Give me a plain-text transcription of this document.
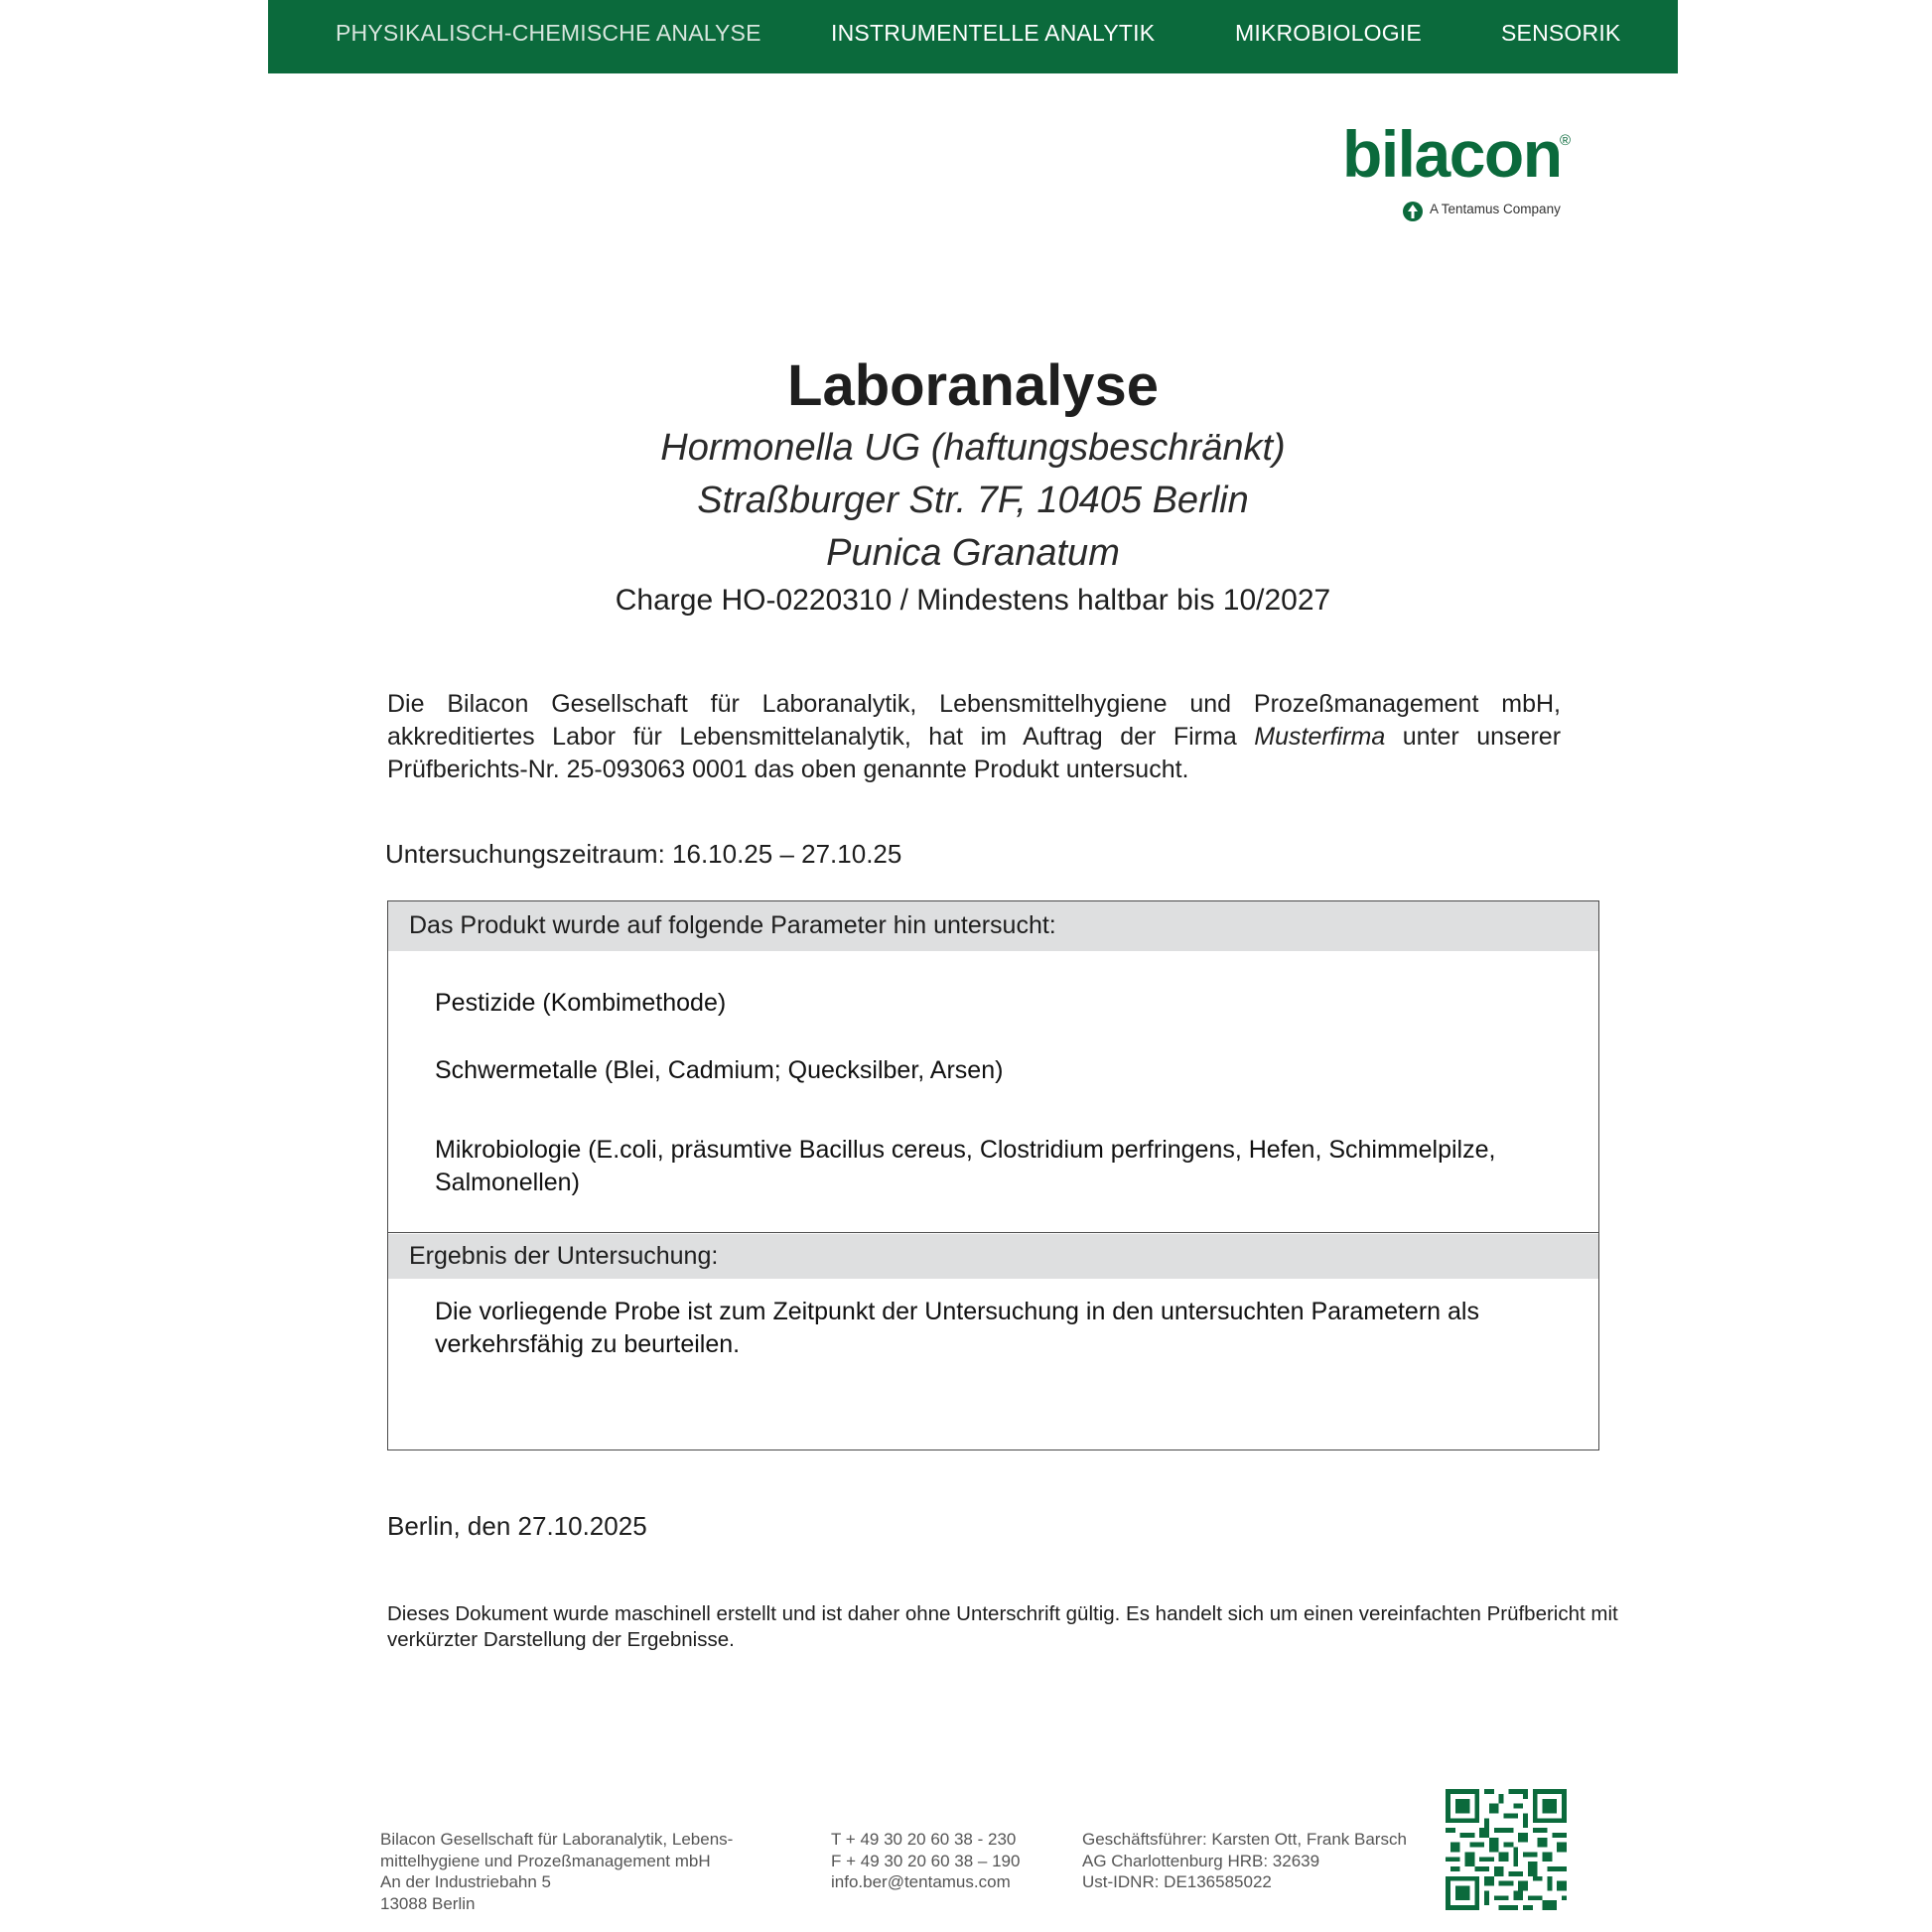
PHYSIKALISCH-CHEMISCHE ANALYSE	INSTRUMENTELLE ANALYTIK	MIKROBIOLOGIE	SENSORIK
bilacon
®
A Tentamus Company
Laboranalyse
Hormonella UG (haftungsbeschränkt)
Straßburger Str. 7F, 10405 Berlin
Punica Granatum
Charge HO-0220310 / Mindestens haltbar bis 10/2027
Die Bilacon Gesellschaft für Laboranalytik, Lebensmittelhygiene und Prozeßmanagement mbH, akkreditiertes Labor für Lebensmittelanalytik, hat im Auftrag der Firma Musterfirma unter unserer Prüfberichts-Nr. 25-093063 0001 das oben genannte Produkt untersucht.
Untersuchungszeitraum: 16.10.25 – 27.10.25
Das Produkt wurde auf folgende Parameter hin untersucht:
Pestizide (Kombimethode)
Schwermetalle (Blei, Cadmium; Quecksilber, Arsen)
Mikrobiologie (E.coli, präsumtive Bacillus cereus, Clostridium perfringens, Hefen, Schimmelpilze,
Salmonellen)
Ergebnis der Untersuchung:
Die vorliegende Probe ist zum Zeitpunkt der Untersuchung in den untersuchten Parametern als verkehrsfähig zu beurteilen.
Berlin, den 27.10.2025
Dieses Dokument wurde maschinell erstellt und ist daher ohne Unterschrift gültig. Es handelt sich um einen vereinfachten Prüfbericht mit verkürzter Darstellung der Ergebnisse.
Bilacon Gesellschaft für Laboranalytik, Lebens-
mittelhygiene und Prozeßmanagement mbH
An der Industriebahn 5
13088 Berlin
T + 49 30 20 60 38 - 230
F + 49 30 20 60 38 – 190
info.ber@tentamus.com
Geschäftsführer: Karsten Ott, Frank Barsch
AG Charlottenburg HRB: 32639
Ust-IDNR: DE136585022
